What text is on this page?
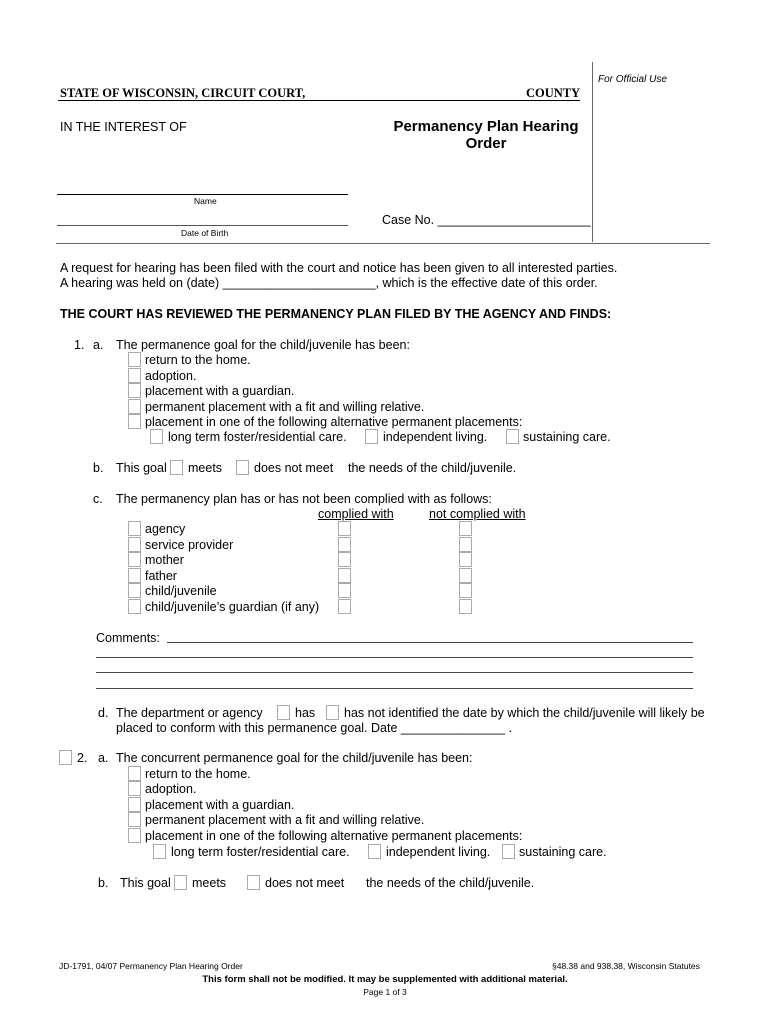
For Official Use
STATE OF WISCONSIN, CIRCUIT COURT,	COUNTY
IN THE INTEREST OF	Permanency Plan Hearing
Order
Name
Date of Birth
Case No. ______________________
A request for hearing has been filed with the court and notice has been given to all interested parties.
A hearing was held on (date) ______________________, which is the effective date of this order.
THE COURT HAS REVIEWED THE PERMANENCY PLAN FILED BY THE AGENCY AND FINDS:
1. a. The permanence goal for the child/juvenile has been:
return to the home.
adoption.
placement with a guardian.
permanent placement with a fit and willing relative.
placement in one of the following alternative permanent placements:
long term foster/residential care.	independent living.	sustaining care.
b. This goal meets	does not meet the needs of the child/juvenile.
c. The permanency plan has or has not been complied with as follows:
complied with	not complied with
agency
service provider
mother
father
child/juvenile
child/juvenile’s guardian (if any)
Comments:
d. The department or agency	has has not identified the date by which the child/juvenile will likely be
placed to conform with this permanence goal. Date _______________ .
2. a. The concurrent permanence goal for the child/juvenile has been:
return to the home.
adoption.
placement with a guardian.
permanent placement with a fit and willing relative.
placement in one of the following alternative permanent placements:
long term foster/residential care.	independent living. sustaining care.
b. This goal meets	does not meet the needs of the child/juvenile.
JD-1791, 04/07 Permanency Plan Hearing Order	§48.38 and 938.38, Wisconsin Statutes
This form shall not be modified. It may be supplemented with additional material.
Page 1 of 3
